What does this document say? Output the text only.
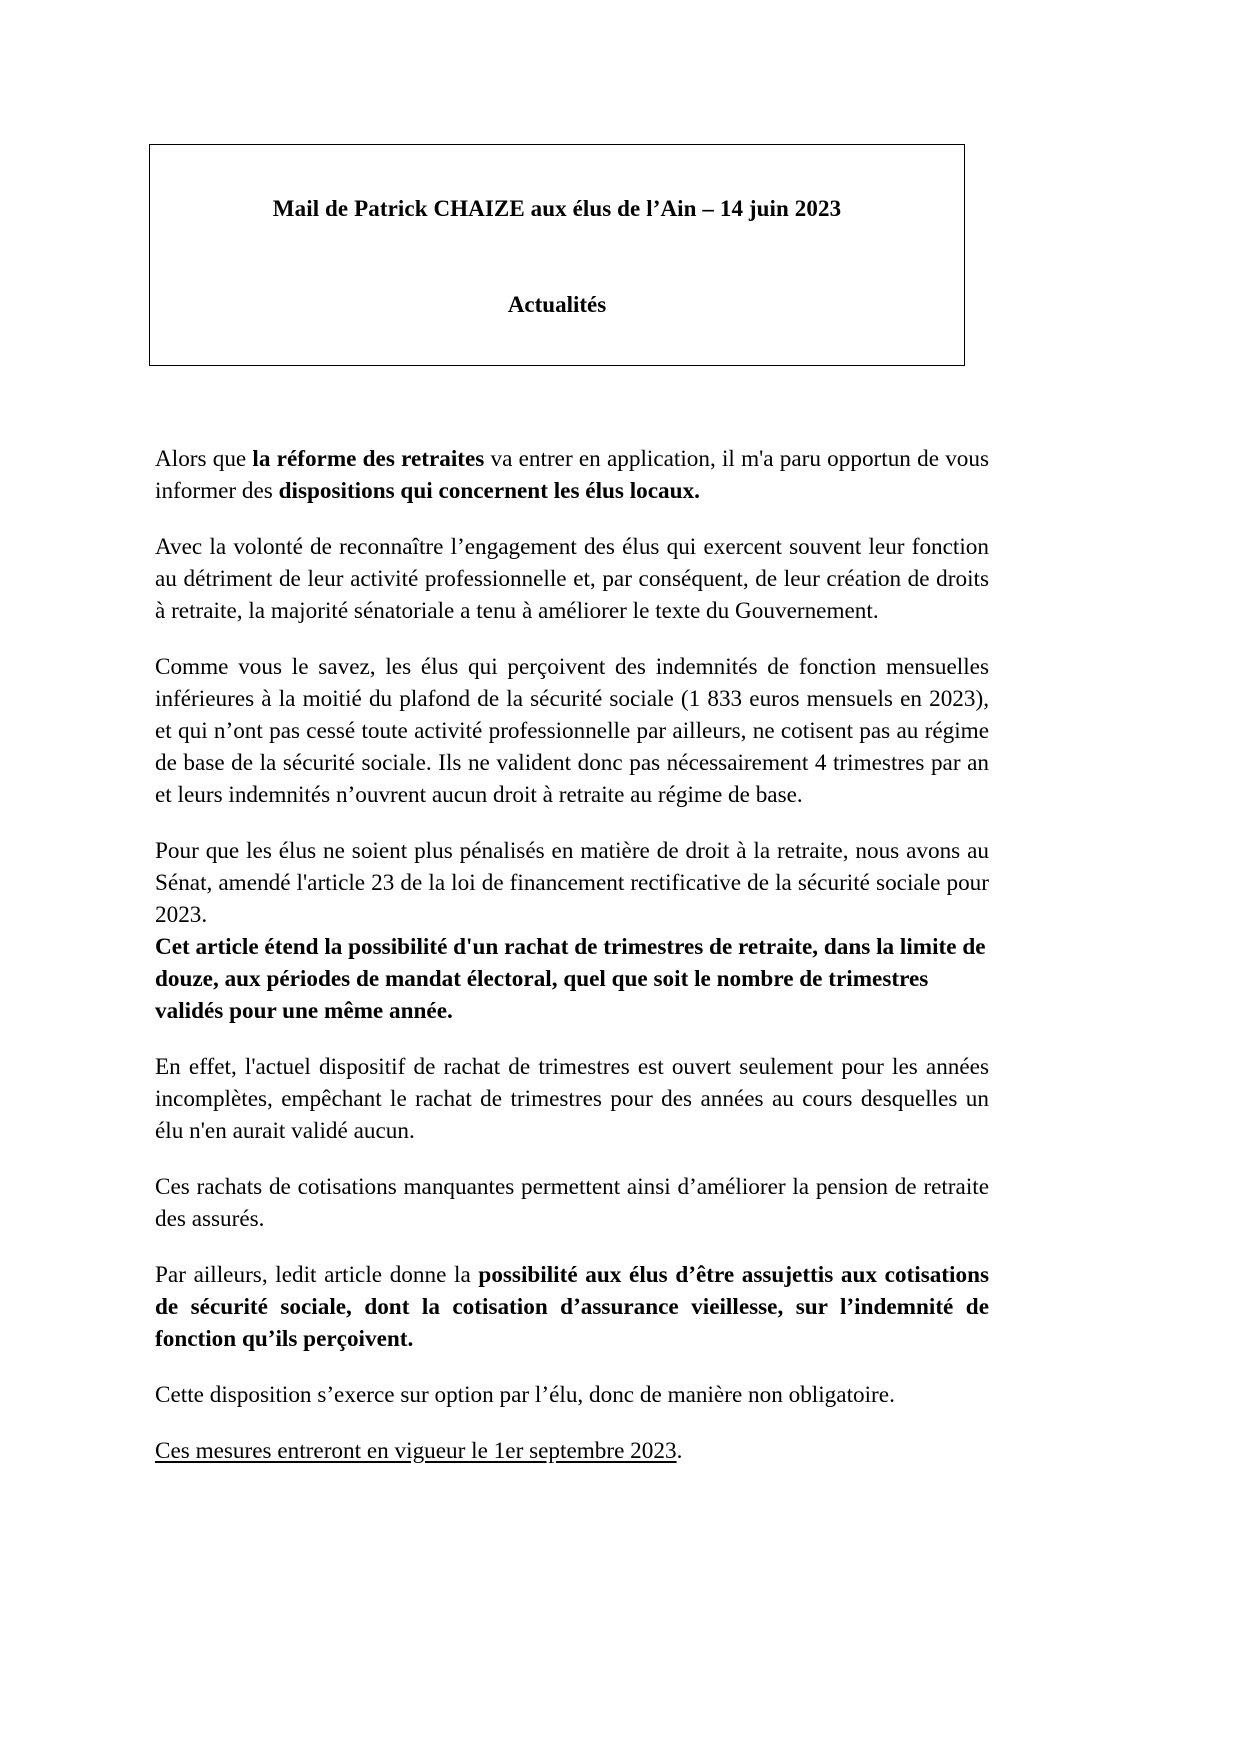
Mail de Patrick CHAIZE aux élus de l’Ain – 14 juin 2023
Actualités

Alors que la réforme des retraites va entrer en application, il m'a paru opportun de vous informer des dispositions qui concernent les élus locaux.

Avec la volonté de reconnaître l’engagement des élus qui exercent souvent leur fonction au détriment de leur activité professionnelle et, par conséquent, de leur création de droits à retraite, la majorité sénatoriale a tenu à améliorer le texte du Gouvernement.

Comme vous le savez, les élus qui perçoivent des indemnités de fonction mensuelles inférieures à la moitié du plafond de la sécurité sociale (1 833 euros mensuels en 2023), et qui n’ont pas cessé toute activité professionnelle par ailleurs, ne cotisent pas au régime de base de la sécurité sociale. Ils ne valident donc pas nécessairement 4 trimestres par an et leurs indemnités n’ouvrent aucun droit à retraite au régime de base.

Pour que les élus ne soient plus pénalisés en matière de droit à la retraite, nous avons au Sénat, amendé l'article 23 de la loi de financement rectificative de la sécurité sociale pour 2023.

Cet article étend la possibilité d'un rachat de trimestres de retraite, dans la limite de douze, aux périodes de mandat électoral, quel que soit le nombre de trimestres validés pour une même année.

En effet, l'actuel dispositif de rachat de trimestres est ouvert seulement pour les années incomplètes, empêchant le rachat de trimestres pour des années au cours desquelles un élu n'en aurait validé aucun.

Ces rachats de cotisations manquantes permettent ainsi d’améliorer la pension de retraite des assurés.

Par ailleurs, ledit article donne la possibilité aux élus d’être assujettis aux cotisations de sécurité sociale, dont la cotisation d’assurance vieillesse, sur l’indemnité de fonction qu’ils perçoivent.

Cette disposition s’exerce sur option par l’élu, donc de manière non obligatoire.

Ces mesures entreront en vigueur le 1er septembre 2023.
